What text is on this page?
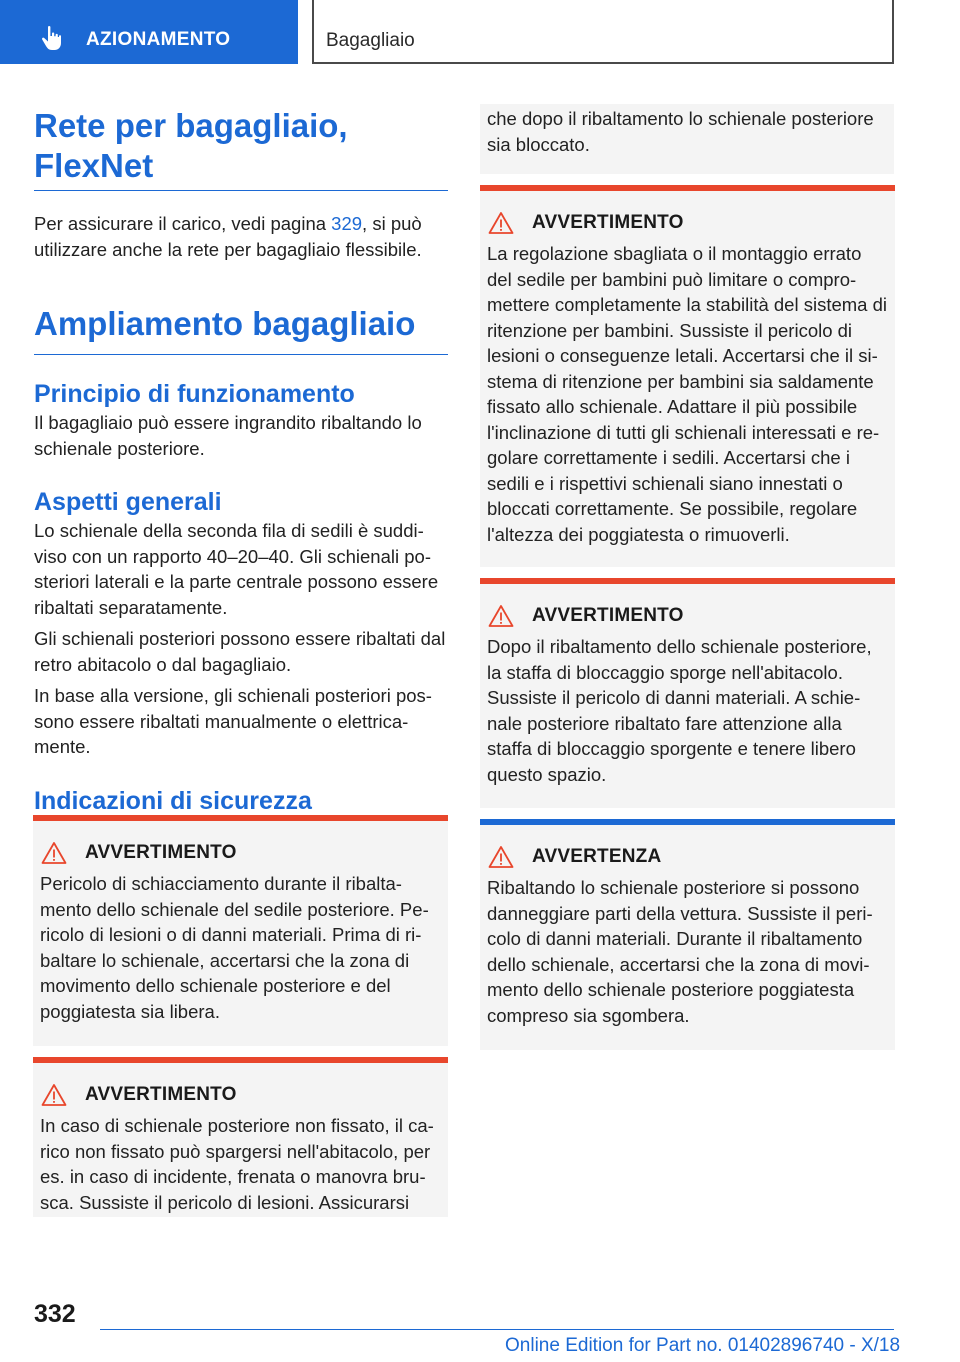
AZIONAMENTO	Bagagliaio
Rete per bagagliaio, FlexNet

Per assicurare il carico, vedi pagina 329, si può utilizzare anche la rete per bagagliaio flessibile.

Ampliamento bagagliaio
Principio di funzionamento

Il bagagliaio può essere ingrandito ribaltando lo schienale posteriore.

Aspetti generali

Lo schienale della seconda fila di sedili è suddi-viso con un rapporto 40–20–40. Gli schienali po-steriori laterali e la parte centrale possono essere ribaltati separatamente.

Gli schienali posteriori possono essere ribaltati dal retro abitacolo o dal bagagliaio.

In base alla versione, gli schienali posteriori pos-sono essere ribaltati manualmente o elettrica-mente.

Indicazioni di sicurezza
AVVERTIMENTO
Pericolo di schiacciamento durante il ribalta-mento dello schienale del sedile posteriore. Pe-ricolo di lesioni o di danni materiali. Prima di ri-baltare lo schienale, accertarsi che la zona di movimento dello schienale posteriore e del poggiatesta sia libera.
AVVERTIMENTO
In caso di schienale posteriore non fissato, il ca-rico non fissato può spargersi nell'abitacolo, per es. in caso di incidente, frenata o manovra bru-sca. Sussiste il pericolo di lesioni. Assicurarsi
che dopo il ribaltamento lo schienale posteriore sia bloccato.
AVVERTIMENTO
La regolazione sbagliata o il montaggio errato del sedile per bambini può limitare o compro-mettere completamente la stabilità del sistema di ritenzione per bambini. Sussiste il pericolo di lesioni o conseguenze letali. Accertarsi che il si-stema di ritenzione per bambini sia saldamente fissato allo schienale. Adattare il più possibile l'inclinazione di tutti gli schienali interessati e re-golare correttamente i sedili. Accertarsi che i sedili e i rispettivi schienali siano innestati o bloccati correttamente. Se possibile, regolare l'altezza dei poggiatesta o rimuoverli.
AVVERTIMENTO
Dopo il ribaltamento dello schienale posteriore, la staffa di bloccaggio sporge nell'abitacolo. Sussiste il pericolo di danni materiali. A schie-nale posteriore ribaltato fare attenzione alla staffa di bloccaggio sporgente e tenere libero questo spazio.
AVVERTENZA
Ribaltando lo schienale posteriore si possono danneggiare parti della vettura. Sussiste il peri-colo di danni materiali. Durante il ribaltamento dello schienale, accertarsi che la zona di movi-mento dello schienale posteriore poggiatesta compreso sia sgombera.
332
Online Edition for Part no. 01402896740 - X/18
